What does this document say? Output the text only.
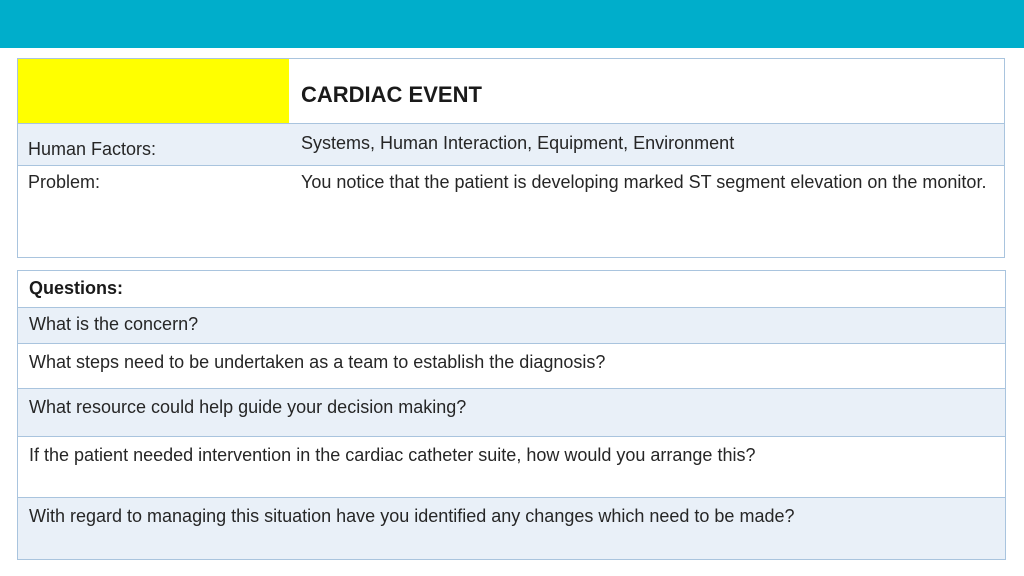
CARDIAC EVENT
Human Factors:	Systems, Human Interaction, Equipment, Environment
Problem:	You notice that the patient is developing marked ST segment elevation on the monitor.
Questions:
What is the concern?
What steps need to be undertaken as a team to establish the diagnosis?
What resource could help guide your decision making?
If the patient needed intervention in the cardiac catheter suite, how would you arrange this?
With regard to managing this situation have you identified any changes which need to be made?
